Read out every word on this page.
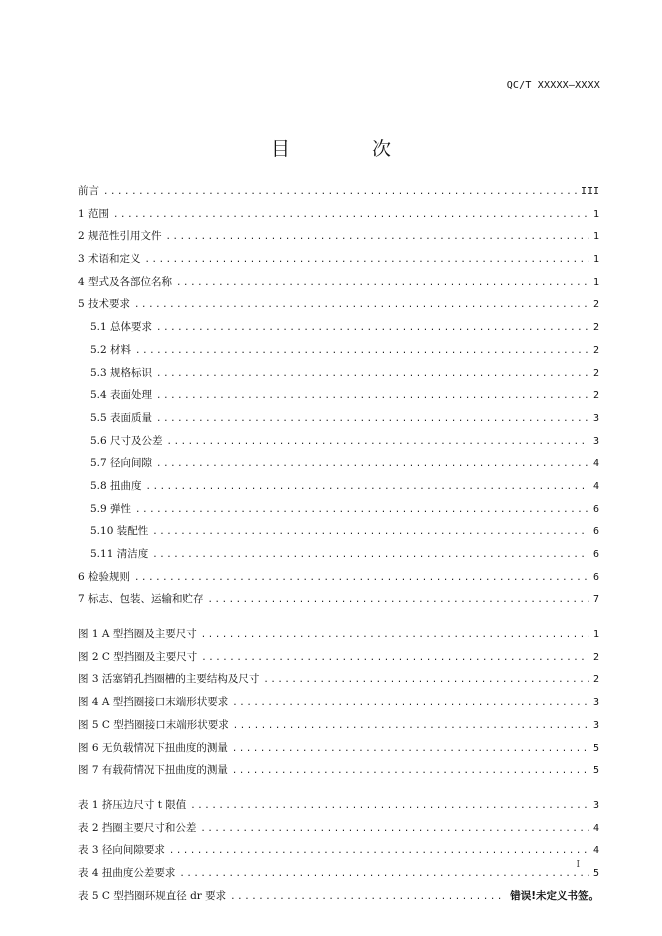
QC/T XXXXX—XXXX
目 次
前言 .....	III
1 范围 .....	1
2 规范性引用文件 .....	1
3 术语和定义 .....	1
4 型式及各部位名称 .....	1
5 技术要求 .....	2
5.1 总体要求 .....	2
5.2 材料 .....	2
5.3 规格标识 .....	2
5.4 表面处理 .....	2
5.5 表面质量 .....	3
5.6 尺寸及公差 .....	3
5.7 径向间隙 .....	4
5.8 扭曲度 .....	4
5.9 弹性 .....	6
5.10 装配性 .....	6
5.11 清洁度 .....	6
6 检验规则 .....	6
7 标志、包装、运输和贮存 .....	7
图 1 A 型挡圈及主要尺寸 .....	1
图 2 C 型挡圈及主要尺寸 .....	2
图 3 活塞销孔挡圈槽的主要结构及尺寸 .....	2
图 4 A 型挡圈接口末端形状要求 .....	3
图 5 C 型挡圈接口末端形状要求 .....	3
图 6 无负载情况下扭曲度的测量 .....	5
图 7 有载荷情况下扭曲度的测量 .....	5
表 1 挤压边尺寸 t 限值 .....	3
表 2 挡圈主要尺寸和公差 .....	4
表 3 径向间隙要求 .....	4
表 4 扭曲度公差要求 .....	5
表 5 C 型挡圈环规直径 dr 要求 .....	错误!未定义书签。
I
